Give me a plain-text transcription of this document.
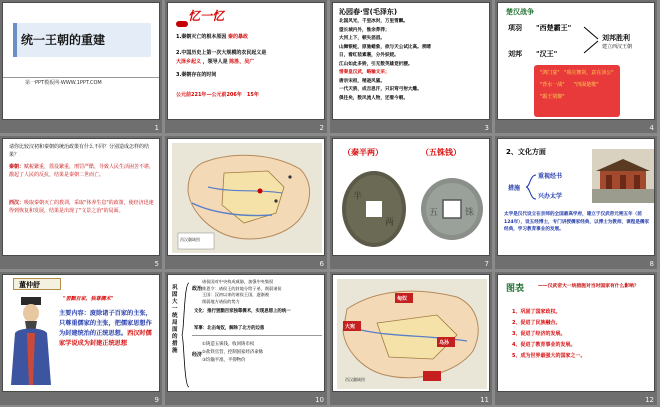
统一王朝的重建
第一PPT模板网-WWW.1PPT.COM
1
忆一忆
1.秦朝灭亡的根本原因 秦的暴政
2.中国历史上第一次大规模的农民起义是
大泽乡起义 ，领导人是 陈胜、吴广
3.秦朝存在的时间
公元前221年—公元前206年　15年
2
沁园春·雪(毛泽东)
北国风光，千里冰封，万里雪飘。
望长城内外，惟余莽莽；
大河上下，顿失滔滔。
山舞银蛇，原驰蜡象，欲与天公试比高。须晴
日，看红装素裹，分外妖娆。
江山如此多娇，引无数英雄竞折腰。
惜秦皇汉武，略输文采；
唐宗宋祖，稍逊风骚。
一代天骄，成吉思汗，只识弯弓射大雕。
俱往矣，数风流人物，还看今朝。
3
楚汉战争
项羽 "西楚霸王"
刘邦 "汉王"
刘邦胜利
建立西汉王朝
"鸿门宴" "项庄舞剑，意在沛公"
"背水一战" "四面楚歌"
"霸王别姬"
4
请你比较汉初和秦朝的统治政策有什么不同？分别造成怎样的结果？
秦朝：赋税繁重，徭役繁重，刑罚严酷，导致人民生活困苦不堪，激起了人民的反抗，结果是秦朝二世而亡。
西汉：吸取秦朝灭亡的教训，采取"休养生息"的政策，使经济迅速得到恢复和发展，结果是出现了"文景之治"的局面。
5
西汉疆域图
6
（秦半两）	（五铢钱）
半
两
五	铢
7
2、文化方面
措施
重视经书
兴办太学
太学是汉代设立在京师的全国最高学府，建立于汉武帝元朔五年（前124年），设五经博士，专门讲授儒家经典，以博士为教师，课程是儒家经典，学习教育事业的发展。
8
董仲舒
"罢黜百家，独尊儒术"
主要内容：废除诸子百家的主张，只尊重儒家的主张，把儒家思想作为封建统治的正统思想。西汉时儒家学说成为封建正统思想
9
巩固大一统局面的措施
政治
诸侯国对中央构成威胁，加强中央集权
推恩令：诸侯王的封地分给子弟，削弱诸侯
王国：汉初以来的诸侯王国，逐渐被
削弱地方诸侯的势力
文化：推行罢黜百家独尊儒术，实现思想上的统一
军事：北击匈奴，解除了北方的边患
经济
①铸造五铢钱，收回铸币权
②盐铁官营，控制国家经济命脉
③均输平准，平抑物价
10
匈奴
大宛
乌孙
西汉疆域图
11
图表	——汉武帝大一统措施对当时国家有什么影响？
1、巩固了国家政权。
2、促进了民族融合。
3、促进了经济的发展。
4、促进了教育事业的发展。
5、成为世界最强大的国家之一。
12
